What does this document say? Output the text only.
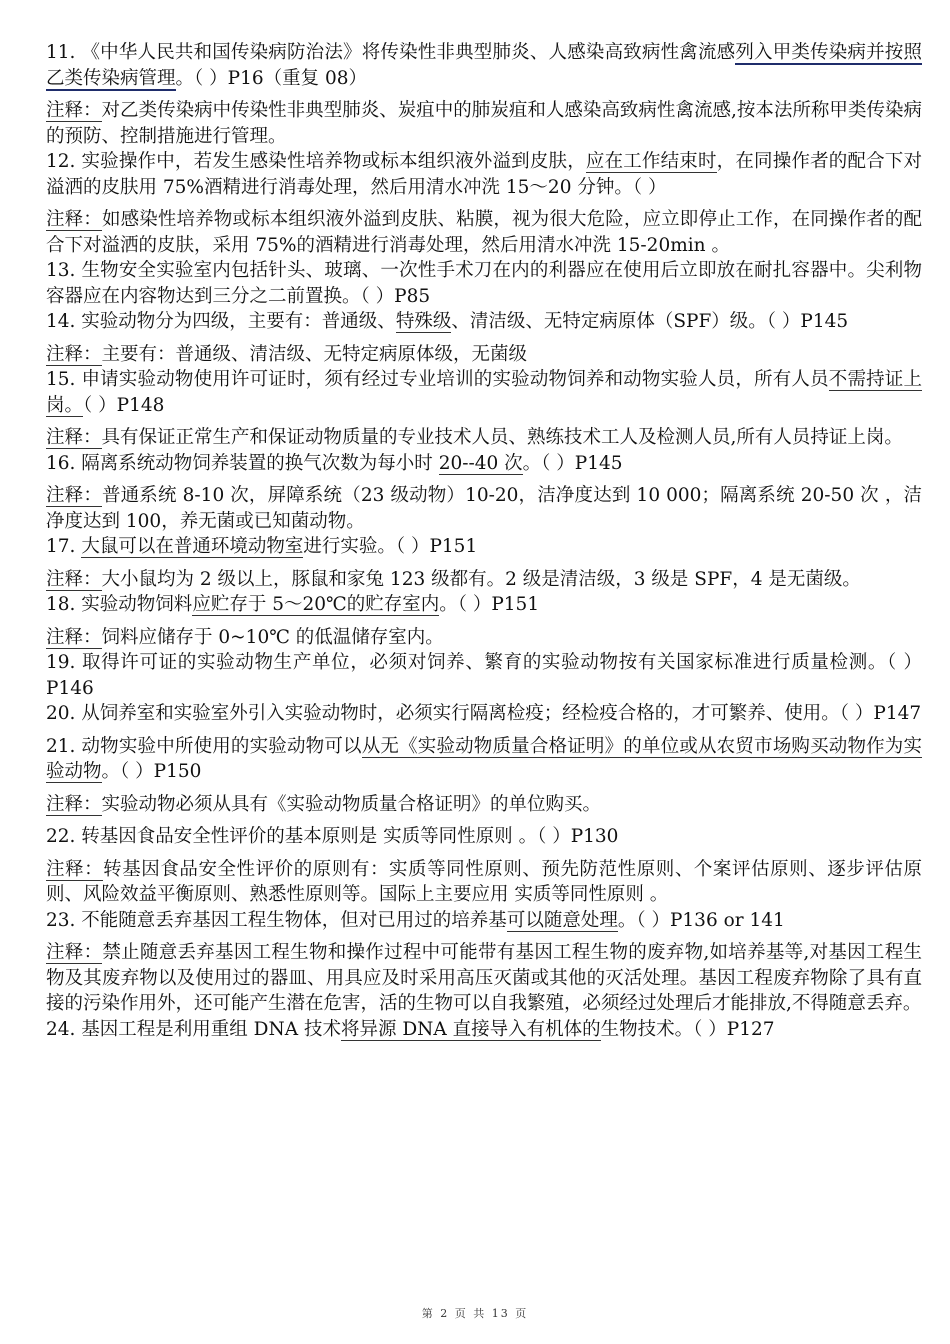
11. 《中华人民共和国传染病防治法》将传染性非典型肺炎、人感染高致病性禽流感列入甲类传染病并按照乙类传染病管理。（ ）P16（重复 08）

注释：对乙类传染病中传染性非典型肺炎、炭疽中的肺炭疽和人感染高致病性禽流感,按本法所称甲类传染病的预防、控制措施进行管理。

12. 实验操作中，若发生感染性培养物或标本组织液外溢到皮肤，应在工作结束时，在同操作者的配合下对溢洒的皮肤用 75%酒精进行消毒处理，然后用清水冲洗 15～20 分钟。（ ）

注释：如感染性培养物或标本组织液外溢到皮肤、粘膜，视为很大危险，应立即停止工作，在同操作者的配合下对溢洒的皮肤，采用 75%的酒精进行消毒处理，然后用清水冲洗 15-20min 。

13. 生物安全实验室内包括针头、玻璃、一次性手术刀在内的利器应在使用后立即放在耐扎容器中。尖利物容器应在内容物达到三分之二前置换。（ ）P85

14. 实验动物分为四级，主要有：普通级、特殊级、清洁级、无特定病原体（SPF）级。（ ）P145

注释：主要有：普通级、清洁级、无特定病原体级，无菌级

15. 申请实验动物使用许可证时，须有经过专业培训的实验动物饲养和动物实验人员，所有人员不需持证上岗。（ ）P148

注释：具有保证正常生产和保证动物质量的专业技术人员、熟练技术工人及检测人员,所有人员持证上岗。

16. 隔离系统动物饲养装置的换气次数为每小时 20--40 次。（ ）P145

注释：普通系统 8-10 次，屏障系统（23 级动物）10-20，洁净度达到 10 000；隔离系统 20-50 次 ，洁净度达到 100，养无菌或已知菌动物。

17. 大鼠可以在普通环境动物室进行实验。（ ）P151

注释：大小鼠均为 2 级以上，豚鼠和家兔 123 级都有。2 级是清洁级，3 级是 SPF，4 是无菌级。

18. 实验动物饲料应贮存于 5～20℃的贮存室内。（ ）P151

注释：饲料应储存于 0~10℃ 的低温储存室内。

19. 取得许可证的实验动物生产单位，必须对饲养、繁育的实验动物按有关国家标准进行质量检测。（ ）P146

20. 从饲养室和实验室外引入实验动物时，必须实行隔离检疫；经检疫合格的，才可繁养、使用。（ ）P147

21. 动物实验中所使用的实验动物可以从无《实验动物质量合格证明》的单位或从农贸市场购买动物作为实验动物。（ ）P150

注释：实验动物必须从具有《实验动物质量合格证明》的单位购买。

22. 转基因食品安全性评价的基本原则是 实质等同性原则 。（ ）P130

注释：转基因食品安全性评价的原则有：实质等同性原则、预先防范性原则、个案评估原则、逐步评估原则、风险效益平衡原则、熟悉性原则等。国际上主要应用 实质等同性原则 。

23. 不能随意丢弃基因工程生物体，但对已用过的培养基可以随意处理。（ ）P136 or 141

注释：禁止随意丢弃基因工程生物和操作过程中可能带有基因工程生物的废弃物,如培养基等,对基因工程生物及其废弃物以及使用过的器皿、用具应及时采用高压灭菌或其他的灭活处理。基因工程废弃物除了具有直接的污染作用外，还可能产生潜在危害，活的生物可以自我繁殖，必须经过处理后才能排放,不得随意丢弃。

24. 基因工程是利用重组 DNA 技术将异源 DNA 直接导入有机体的生物技术。（ ）P127

第 2 页 共 13 页
